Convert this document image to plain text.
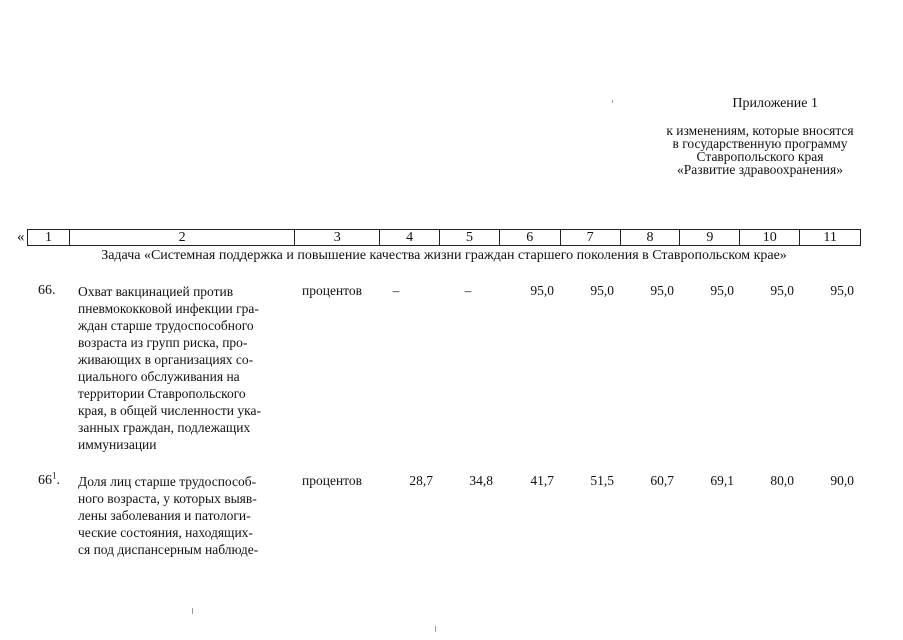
Приложение 1
к изменениям, которые вносятся
в государственную программу
Ставропольского края
«Развитие здравоохранения»
«	1	2	3	4	5	6	7	8	9	10	11
Задача «Системная поддержка и повышение качества жизни граждан старшего поколения в Ставропольском крае»
66. Охват вакцинацией против
пневмококковой инфекции гра-
ждан старше трудоспособного
возраста из групп риска, про-
живающих в организациях со-
циального обслуживания на
территории Ставропольского
края, в общей численности ука-
занных граждан, подлежащих
иммунизации
процентов	–	–	95,0	95,0	95,0	95,0	95,0	95,0
$66^1$. Доля лиц старше трудоспособ-
ного возраста, у которых выяв-
лены заболевания и патологи-
ческие состояния, находящих-
ся под диспансерным наблюде-
процентов	28,7	34,8	41,7	51,5	60,7	69,1	80,0	90,0
